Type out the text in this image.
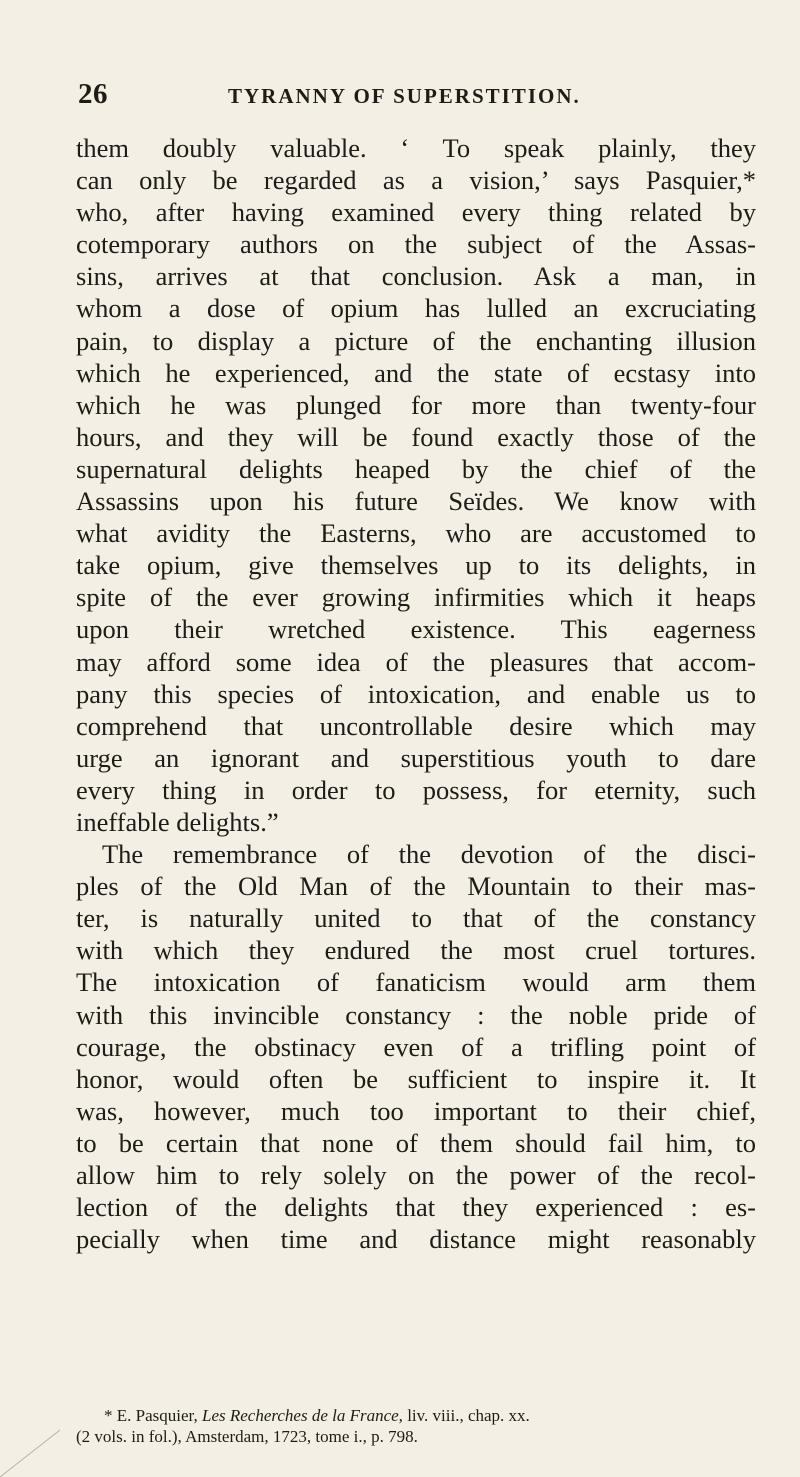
26	TYRANNY OF SUPERSTITION.
them doubly valuable. ‘ To speak plainly, they
can only be regarded as a vision,’ says Pasquier,*
who, after having examined every thing related by
cotemporary authors on the subject of the Assas-
sins, arrives at that conclusion. Ask a man, in
whom a dose of opium has lulled an excruciating
pain, to display a picture of the enchanting illusion
which he experienced, and the state of ecstasy into
which he was plunged for more than twenty-four
hours, and they will be found exactly those of the
supernatural delights heaped by the chief of the
Assassins upon his future Seïdes. We know with
what avidity the Easterns, who are accustomed to
take opium, give themselves up to its delights, in
spite of the ever growing infirmities which it heaps
upon their wretched existence. This eagerness
may afford some idea of the pleasures that accom-
pany this species of intoxication, and enable us to
comprehend that uncontrollable desire which may
urge an ignorant and superstitious youth to dare
every thing in order to possess, for eternity, such
ineffable delights.”
The remembrance of the devotion of the disci-
ples of the Old Man of the Mountain to their mas-
ter, is naturally united to that of the constancy
with which they endured the most cruel tortures.
The intoxication of fanaticism would arm them
with this invincible constancy : the noble pride of
courage, the obstinacy even of a trifling point of
honor, would often be sufficient to inspire it. It
was, however, much too important to their chief,
to be certain that none of them should fail him, to
allow him to rely solely on the power of the recol-
lection of the delights that they experienced : es-
pecially when time and distance might reasonably
* E. Pasquier, Les Recherches de la France, liv. viii., chap. xx.
(2 vols. in fol.), Amsterdam, 1723, tome i., p. 798.
